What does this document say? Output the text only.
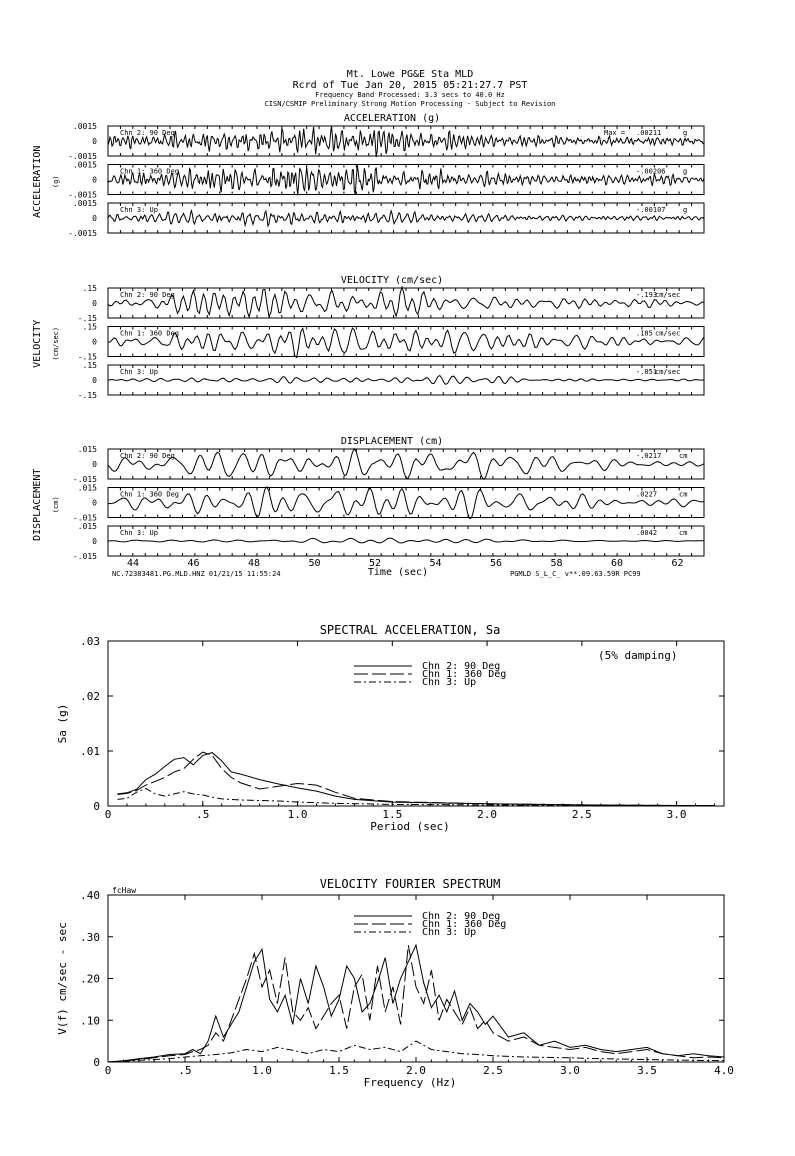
Mt. Lowe PG&E Sta MLD
Rcrd of Tue Jan 20, 2015 05:21:27.7 PST
Frequency Band Processed: 3.3 secs to 40.0 Hz
CISN/CSMIP Preliminary Strong Motion Processing - Subject to Revision
ACCELERATION (g)
ACCELERATION (g)
.0015
0
-.0015
Chn 2: 90 Deg	Max = .00211	g
.0015
0
-.0015
Chn 1: 360 Deg	-.00206 g
.0015
0
-.0015
Chn 3: Up	-.00107 g
VELOCITY (cm/sec)
VELOCITY (cm/sec)
.15
0
-.15
Chn 2: 90 Deg	-.193
cm/sec
.15
0
-.15
Chn 1: 360 Deg	.185 cm/sec
.15
0
-.15
Chn 3: Up	-.051
cm/sec
DISPLACEMENT (cm)
DISPLACEMENT (cm)
.015
0
-.015
Chn 2: 90 Deg	-.0217	cm
.015
0
-.015
Chn 1: 360 Deg	.0227	cm
.015
0
-.015
Chn 3: Up	.0042	cm
44	46	48	50	52	54	56	58	60	62
Time (sec)
NC.72383481.PG.MLD.HNZ 01/21/15 11:55:24	PGMLD S_L_C_ v**.09.63.59R PC99
SPECTRAL ACCELERATION, Sa
Period (sec)
Sa (g)
0	.5	1.0	1.5	2.0	2.5	3.0
0
.01
.02
.03
Chn 2: 90 Deg
Chn 1: 360 Deg
Chn 3: Up
(5% damping)
VELOCITY FOURIER SPECTRUM
Frequency (Hz)
V(f) cm/sec - sec
0	.5	1.0	1.5	2.0	2.5	3.0	3.5	4.0
0
.10
.20
.30
.40
Chn 2: 90 Deg
Chn 1: 360 Deg
Chn 3: Up
fcHaw
